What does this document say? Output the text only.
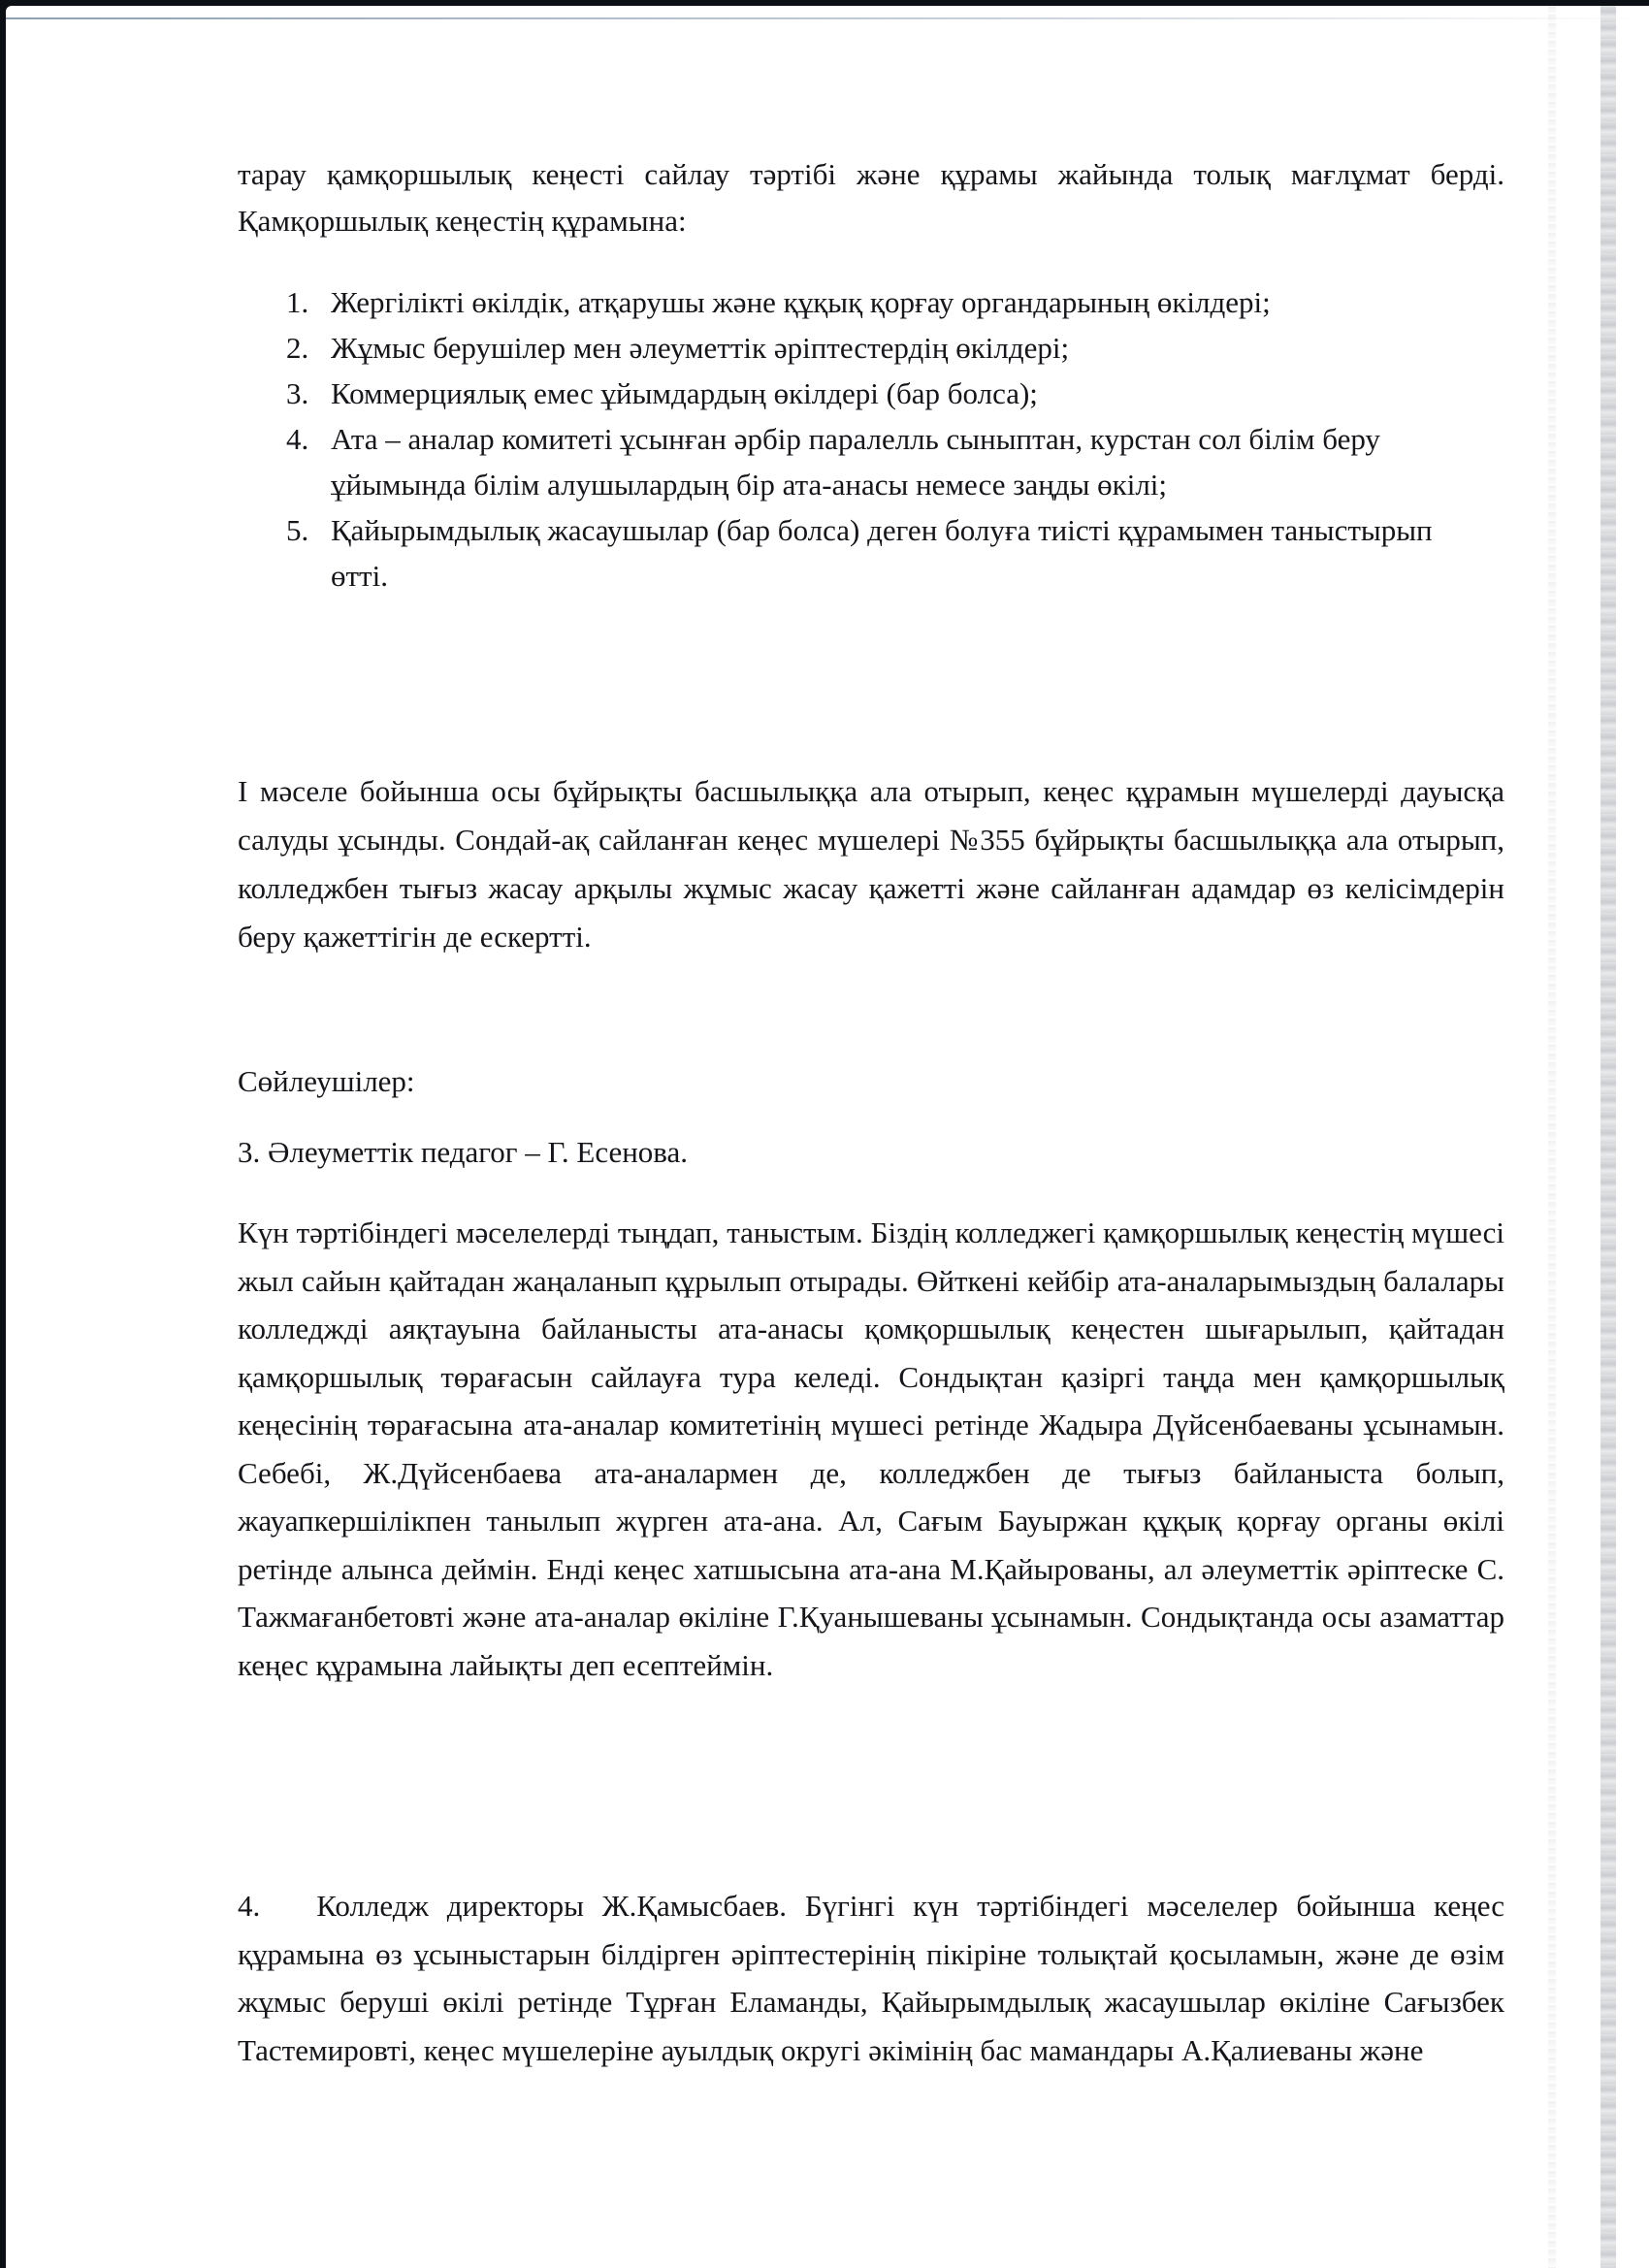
тарау қамқоршылық кеңесті сайлау тәртібі және құрамы жайында толық мағлұмат берді. Қамқоршылық кеңестің құрамына:

1. Жергілікті өкілдік, атқарушы және құқық қорғау органдарының өкілдері;
2. Жұмыс берушілер мен әлеуметтік әріптестердің өкілдері;
3. Коммерциялық емес ұйымдардың өкілдері (бар болса);
4. Ата – аналар комитеті ұсынған әрбір паралелль сыныптан, курстан сол білім беру ұйымында білім алушылардың бір ата-анасы немесе заңды өкілі;
5. Қайырымдылық жасаушылар (бар болса) деген болуға тиісті құрамымен таныстырып өтті.

І мәселе бойынша осы бұйрықты басшылыққа ала отырып, кеңес құрамын мүшелерді дауысқа салуды ұсынды. Сондай-ақ сайланған кеңес мүшелері №355 бұйрықты басшылыққа ала отырып, колледжбен тығыз жасау арқылы жұмыс жасау қажетті және сайланған адамдар өз келісімдерін беру қажеттігін де ескертті.

Сөйлеушілер:

3. Әлеуметтік педагог – Г. Есенова.

Күн тәртібіндегі мәселелерді тыңдап, таныстым. Біздің колледжегі қамқоршылық кеңестің мүшесі жыл сайын қайтадан жаңаланып құрылып отырады. Өйткені кейбір ата-аналарымыздың балалары колледжді аяқтауына байланысты ата-анасы қомқоршылық кеңестен шығарылып, қайтадан қамқоршылық төрағасын сайлауға тура келеді. Сондықтан қазіргі таңда мен қамқоршылық кеңесінің төрағасына ата-аналар комитетінің мүшесі ретінде Жадыра Дүйсенбаеваны ұсынамын. Себебі, Ж.Дүйсенбаева ата-аналармен де, колледжбен де тығыз байланыста болып, жауапкершілікпен танылып жүрген ата-ана. Ал, Сағым Бауыржан құқық қорғау органы өкілі ретінде алынса деймін. Енді кеңес хатшысына ата-ана М.Қайырованы, ал әлеуметтік әріптеске С. Тажмағанбетовті және ата-аналар өкіліне Г.Қуанышеваны ұсынамын. Сондықтанда осы азаматтар кеңес құрамына лайықты деп есептеймін.

4. Колледж директоры Ж.Қамысбаев. Бүгінгі күн тәртібіндегі мәселелер бойынша кеңес құрамына өз ұсыныстарын білдірген әріптестерінің пікіріне толықтай қосыламын, және де өзім жұмыс беруші өкілі ретінде Тұрған Еламанды, Қайырымдылық жасаушылар өкіліне Сағызбек Тастемировті, кеңес мүшелеріне ауылдық округі әкімінің бас мамандары А.Қалиеваны және
